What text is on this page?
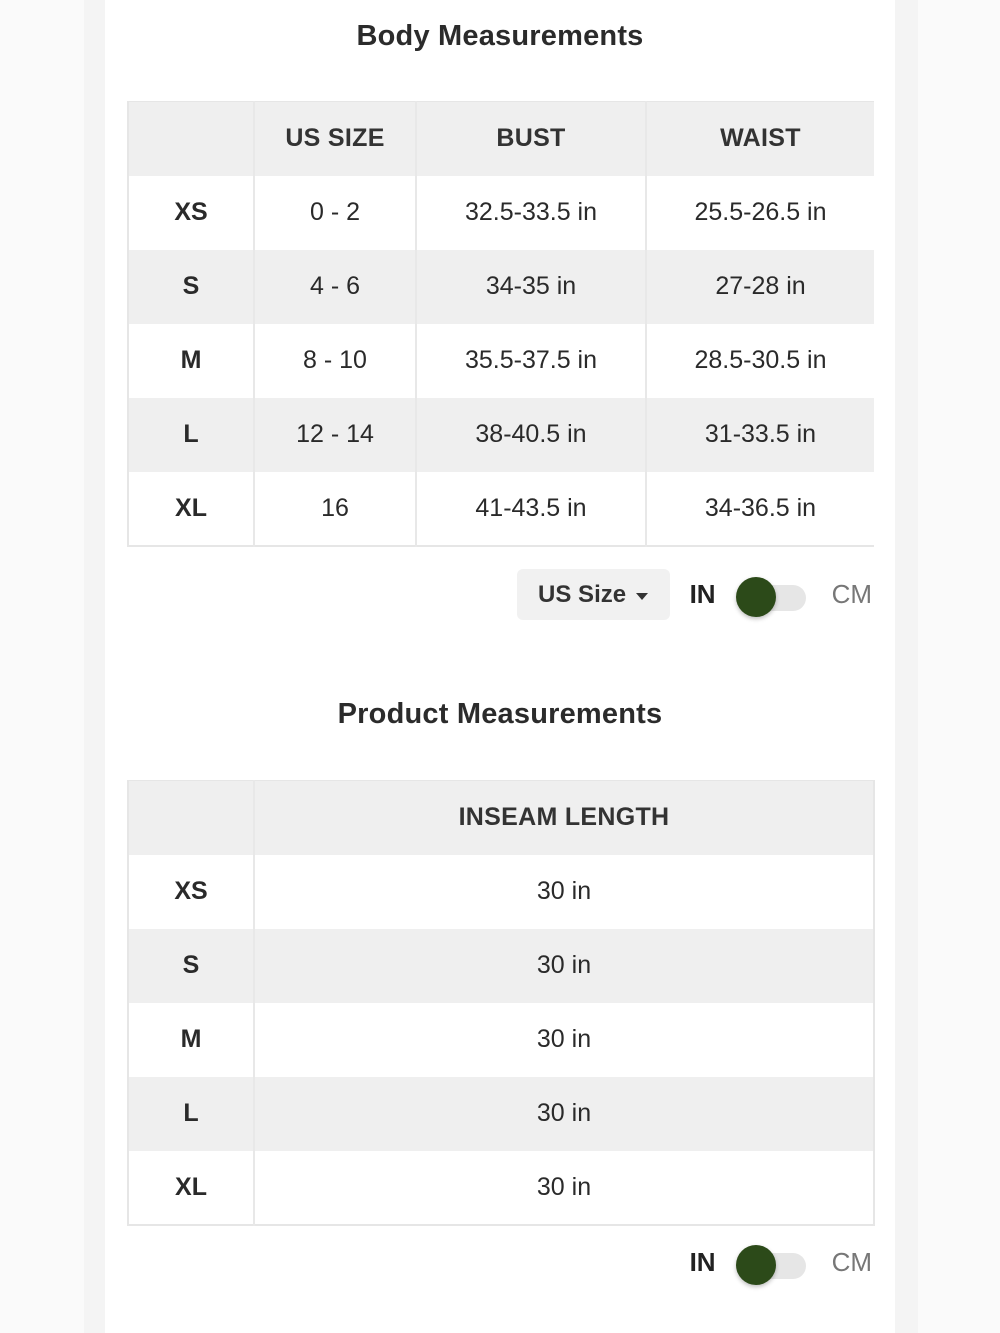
Body Measurements
	US SIZE	BUST	WAIST
XS	0 - 2	32.5-33.5 in	25.5-26.5 in
S	4 - 6	34-35 in	27-28 in
M	8 - 10	35.5-37.5 in	28.5-30.5 in
L	12 - 14	38-40.5 in	31-33.5 in
XL	16	41-43.5 in	34-36.5 in
US Size IN	CM
Product Measurements
	INSEAM LENGTH
XS	30 in
S	30 in
M	30 in
L	30 in
XL	30 in
IN	CM
